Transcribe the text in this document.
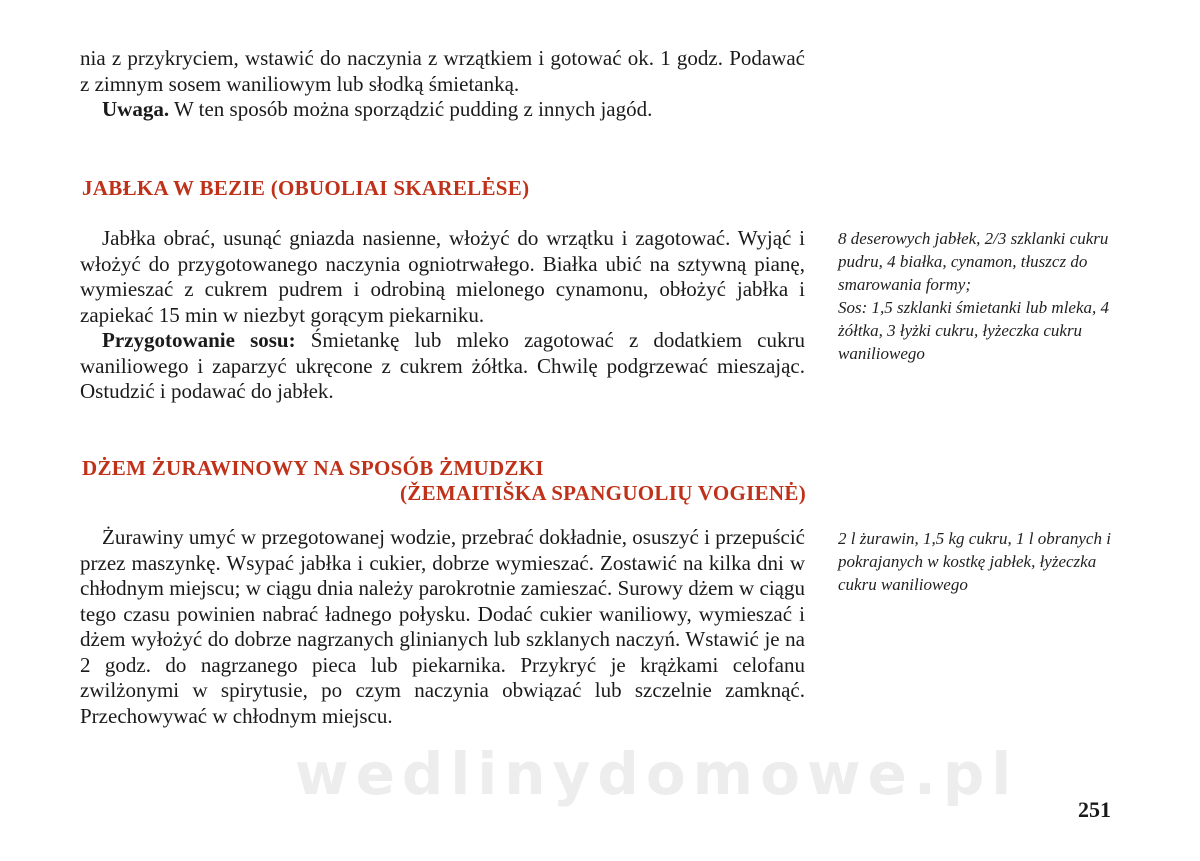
nia z przykryciem, wstawić do naczynia z wrzątkiem i gotować ok. 1 godz. Podawać z zimnym sosem waniliowym lub słodką śmietanką.

Uwaga. W ten sposób można sporządzić pudding z innych jagód.

JABŁKA W BEZIE (OBUOLIAI SKARELĖSE)

Jabłka obrać, usunąć gniazda nasienne, włożyć do wrzątku i zagotować. Wyjąć i włożyć do przygotowanego naczynia ogniotrwałego. Białka ubić na sztywną pianę, wymieszać z cukrem pudrem i odrobiną mielonego cynamonu, obłożyć jabłka i zapiekać 15 min w niezbyt gorącym piekarniku.

Przygotowanie sosu: Śmietankę lub mleko zagotować z dodatkiem cukru waniliowego i zaparzyć ukręcone z cukrem żółtka. Chwilę podgrzewać mieszając. Ostudzić i podawać do jabłek.

8 deserowych jabłek, 2/3 szklanki cukru pudru, 4 białka, cynamon, tłuszcz do smarowania formy;

Sos: 1,5 szklanki śmietanki lub mleka, 4 żółtka, 3 łyżki cukru, łyżeczka cukru waniliowego

DŻEM ŻURAWINOWY NA SPOSÓB ŻMUDZKI
(ŽEMAITIŠKA SPANGUOLIŲ VOGIENĖ)

Żurawiny umyć w przegotowanej wodzie, przebrać dokładnie, osuszyć i przepuścić przez maszynkę. Wsypać jabłka i cukier, dobrze wymieszać. Zostawić na kilka dni w chłodnym miejscu; w ciągu dnia należy parokrotnie zamieszać. Surowy dżem w ciągu tego czasu powinien nabrać ładnego połysku. Dodać cukier waniliowy, wymieszać i dżem wyłożyć do dobrze nagrzanych glinianych lub szklanych naczyń. Wstawić je na 2 godz. do nagrzanego pieca lub piekarnika. Przykryć je krążkami celofanu zwilżonymi w spirytusie, po czym naczynia obwiązać lub szczelnie zamknąć. Przechowywać w chłodnym miejscu.

2 l żurawin, 1,5 kg cukru, 1 l obranych i pokrajanych w kostkę jabłek, łyżeczka cukru waniliowego

wedlinydomowe.pl
251
